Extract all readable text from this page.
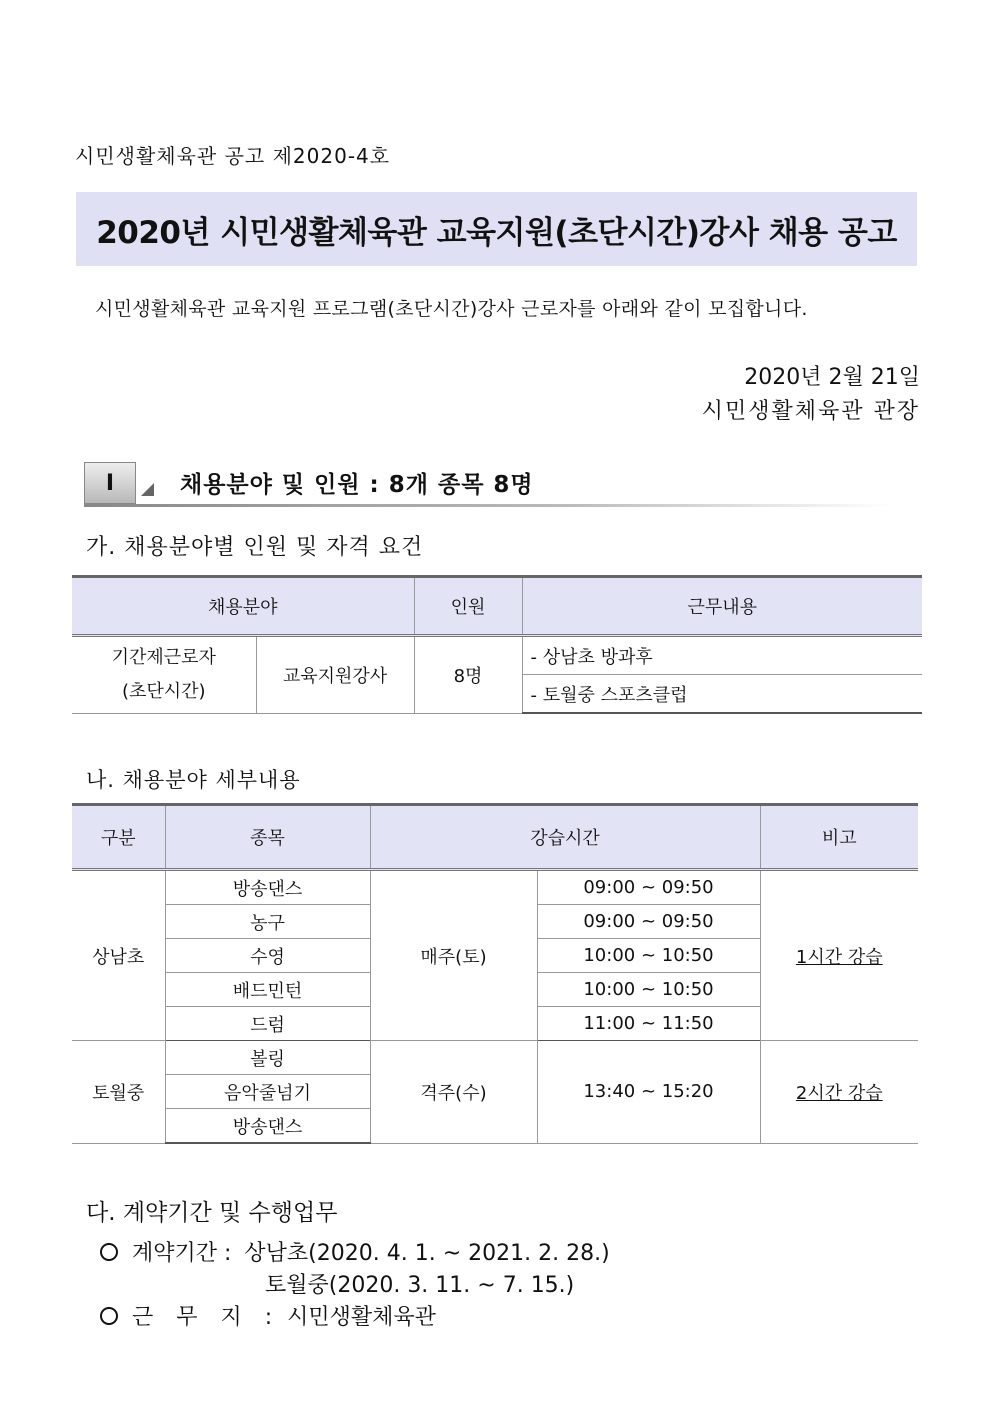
시민생활체육관 공고 제2020-4호
2020년 시민생활체육관 교육지원(초단시간)강사 채용 공고
시민생활체육관 교육지원 프로그램(초단시간)강사 근로자를 아래와 같이 모집합니다.
2020년 2월 21일
시민생활체육관 관장
I	채용분야 및 인원 : 8개 종목 8명
가. 채용분야별 인원 및 자격 요건
채용분야		인원	근무내용

기간제근로자
(초단시간)	교육지원강사	8명	- 상남초 방과후
			- 토월중 스포츠클럽
나. 채용분야 세부내용
구분	종목	강습시간		비고
상남초	방송댄스	매주(토)	09:00 ~ 09:50	1시간 강습
	농구		09:00 ~ 09:50	
	수영		10:00 ~ 10:50	
	배드민턴		10:00 ~ 10:50	
	드럼		11:00 ~ 11:50	
토월중	볼링	격주(수)	13:40 ~ 15:20	2시간 강습
	음악줄넘기			
	방송댄스			
다. 계약기간 및 수행업무
계약기간 : 상남초(2020. 4. 1. ~ 2021. 2. 28.)
토월중(2020. 3. 11. ~ 7. 15.)
근 무 지 : 시민생활체육관
